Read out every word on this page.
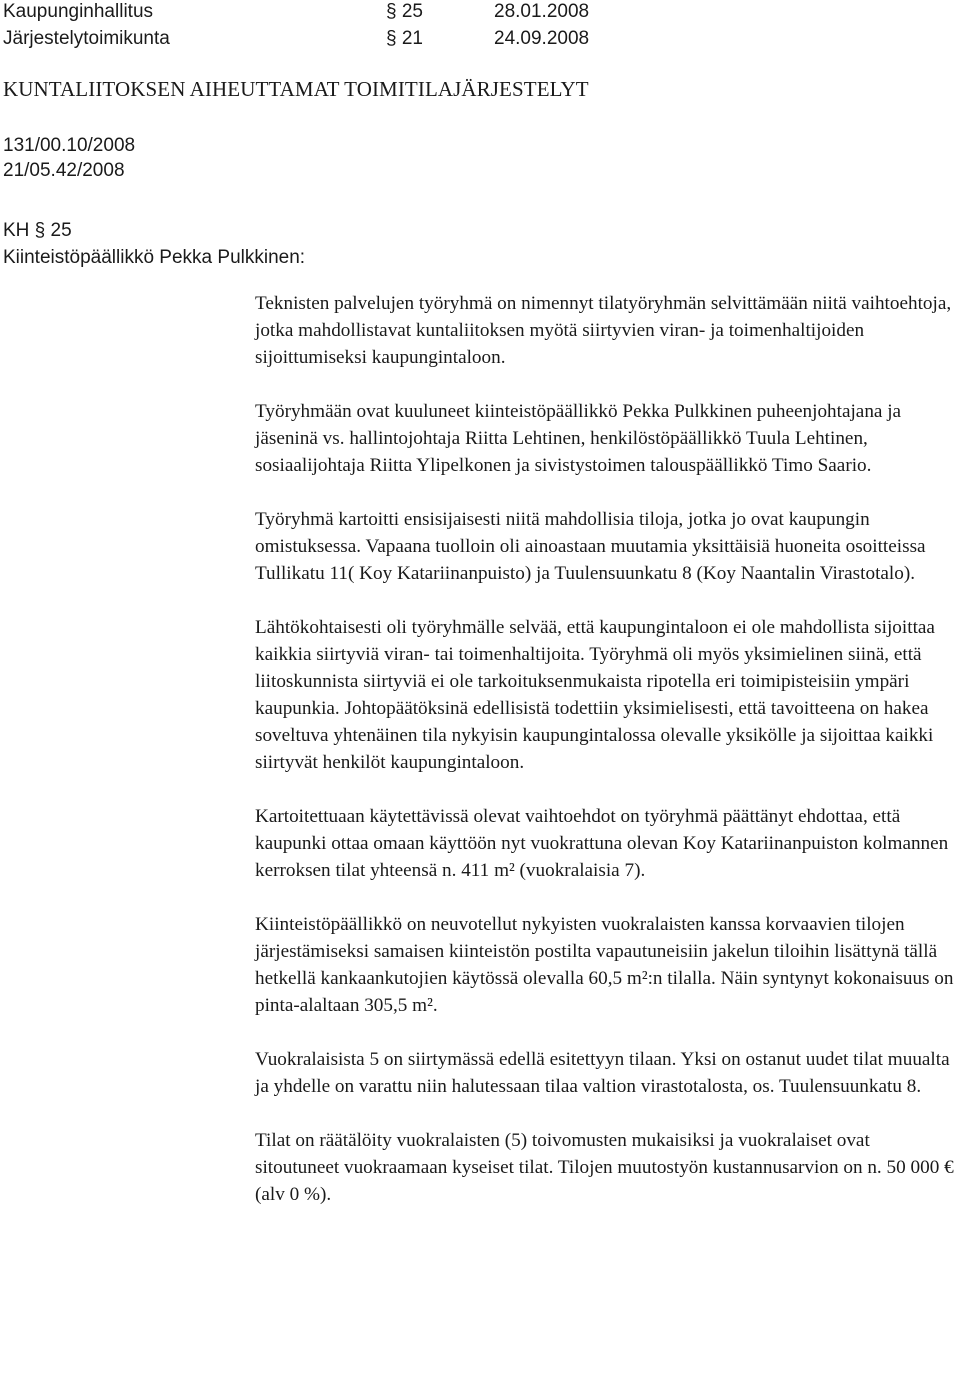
Kaupunginhallitus	§ 25	28.01.2008
Järjestelytoimikunta	§ 21	24.09.2008
KUNTALIITOKSEN AIHEUTTAMAT TOIMITILAJÄRJESTELYT
131/00.10/2008
21/05.42/2008
KH § 25
Kiinteistöpäällikkö Pekka Pulkkinen:

Teknisten palvelujen työryhmä on nimennyt tilatyöryhmän selvittämään niitä vaihtoehtoja, jotka mahdollistavat kuntaliitoksen myötä siirtyvien viran- ja toimenhaltijoiden sijoittumiseksi kaupungintaloon.

Työryhmään ovat kuuluneet kiinteistöpäällikkö Pekka Pulkkinen puheenjohtajana ja jäseninä vs. hallintojohtaja Riitta Lehtinen, henkilöstöpäällikkö Tuula Lehtinen, sosiaalijohtaja Riitta Ylipelkonen ja sivistystoimen talouspäällikkö Timo Saario.

Työryhmä kartoitti ensisijaisesti niitä mahdollisia tiloja, jotka jo ovat kaupungin omistuksessa. Vapaana tuolloin oli ainoastaan muutamia yksittäisiä huoneita osoitteissa Tullikatu 11( Koy Katariinanpuisto) ja Tuulensuunkatu 8 (Koy Naantalin Virastotalo).

Lähtökohtaisesti oli työryhmälle selvää, että kaupungintaloon ei ole mahdollista sijoittaa kaikkia siirtyviä viran- tai toimenhaltijoita. Työryhmä oli myös yksimielinen siinä, että liitoskunnista siirtyviä ei ole tarkoituksenmukaista ripotella eri toimipisteisiin ympäri kaupunkia. Johtopäätöksinä edellisistä todettiin yksimielisesti, että tavoitteena on hakea soveltuva yhtenäinen tila nykyisin kaupungintalossa olevalle yksikölle ja sijoittaa kaikki siirtyvät henkilöt kaupungintaloon.

Kartoitettuaan käytettävissä olevat vaihtoehdot on työryhmä päättänyt ehdottaa, että kaupunki ottaa omaan käyttöön nyt vuokrattuna olevan Koy Katariinanpuiston kolmannen kerroksen tilat yhteensä n. 411 m² (vuokralaisia 7).

Kiinteistöpäällikkö on neuvotellut nykyisten vuokralaisten kanssa korvaavien tilojen järjestämiseksi samaisen kiinteistön postilta vapautuneisiin jakelun tiloihin lisättynä tällä hetkellä kankaankutojien käytössä olevalla 60,5 m²:n tilalla. Näin syntynyt kokonaisuus on pinta-alaltaan 305,5 m².

Vuokralaisista 5 on siirtymässä edellä esitettyyn tilaan. Yksi on ostanut uudet tilat muualta ja yhdelle on varattu niin halutessaan tilaa valtion virastotalosta, os. Tuulensuunkatu 8.

Tilat on räätälöity vuokralaisten (5) toivomusten mukaisiksi ja vuokralaiset ovat sitoutuneet vuokraamaan kyseiset tilat. Tilojen muutostyön kustannusarvion on n. 50 000 € (alv 0 %).
